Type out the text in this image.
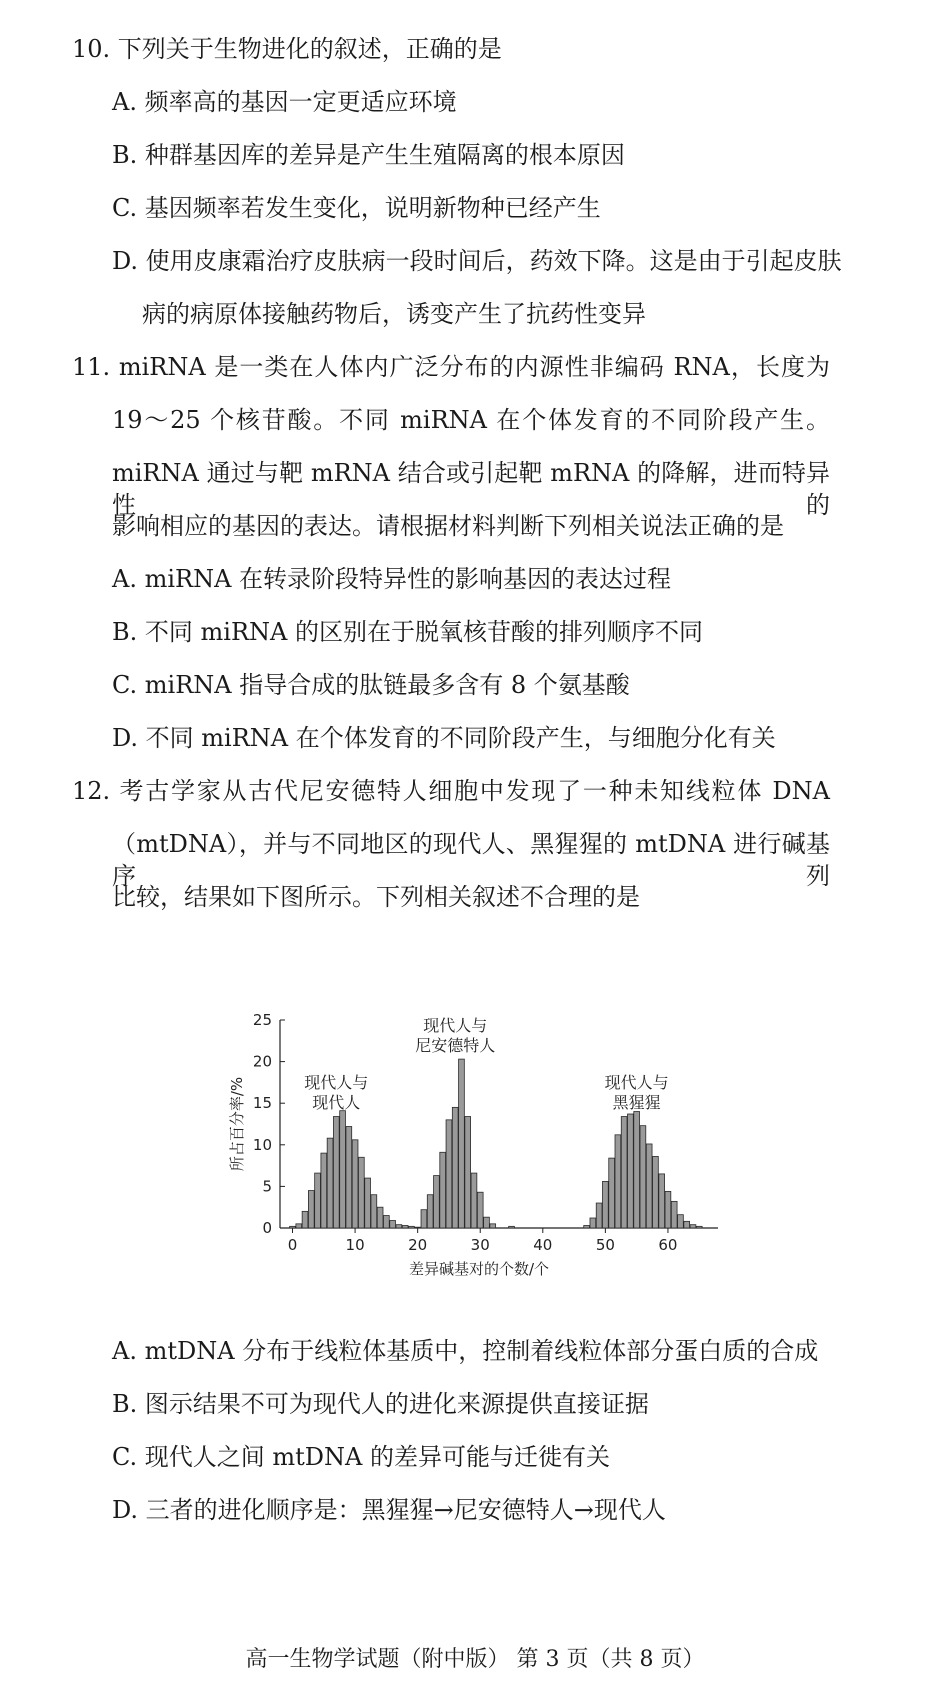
10. 下列关于生物进化的叙述，正确的是
A. 频率高的基因一定更适应环境
B. 种群基因库的差异是产生生殖隔离的根本原因
C. 基因频率若发生变化，说明新物种已经产生
D. 使用皮康霜治疗皮肤病一段时间后，药效下降。这是由于引起皮肤
病的病原体接触药物后，诱变产生了抗药性变异
11. miRNA 是一类在人体内广泛分布的内源性非编码 RNA，长度为
19～25 个核苷酸。不同 miRNA 在个体发育的不同阶段产生。
miRNA 通过与靶 mRNA 结合或引起靶 mRNA 的降解，进而特异性的
影响相应的基因的表达。请根据材料判断下列相关说法正确的是
A. miRNA 在转录阶段特异性的影响基因的表达过程
B. 不同 miRNA 的区别在于脱氧核苷酸的排列顺序不同
C. miRNA 指导合成的肽链最多含有 8 个氨基酸
D. 不同 miRNA 在个体发育的不同阶段产生，与细胞分化有关
12. 考古学家从古代尼安德特人细胞中发现了一种未知线粒体 DNA
（mtDNA），并与不同地区的现代人、黑猩猩的 mtDNA 进行碱基序列
比较，结果如下图所示。下列相关叙述不合理的是
0
5
10
15
20
25
0	10	20	30	40	50	60
差异碱基对的个数/个
所占百分率/%	现代人与
现代人
现代人与
尼安德特人
现代人与
黑猩猩
A. mtDNA 分布于线粒体基质中，控制着线粒体部分蛋白质的合成
B. 图示结果不可为现代人的进化来源提供直接证据
C. 现代人之间 mtDNA 的差异可能与迁徙有关
D. 三者的进化顺序是：黑猩猩→尼安德特人→现代人
高一生物学试题（附中版） 第 3 页（共 8 页）
